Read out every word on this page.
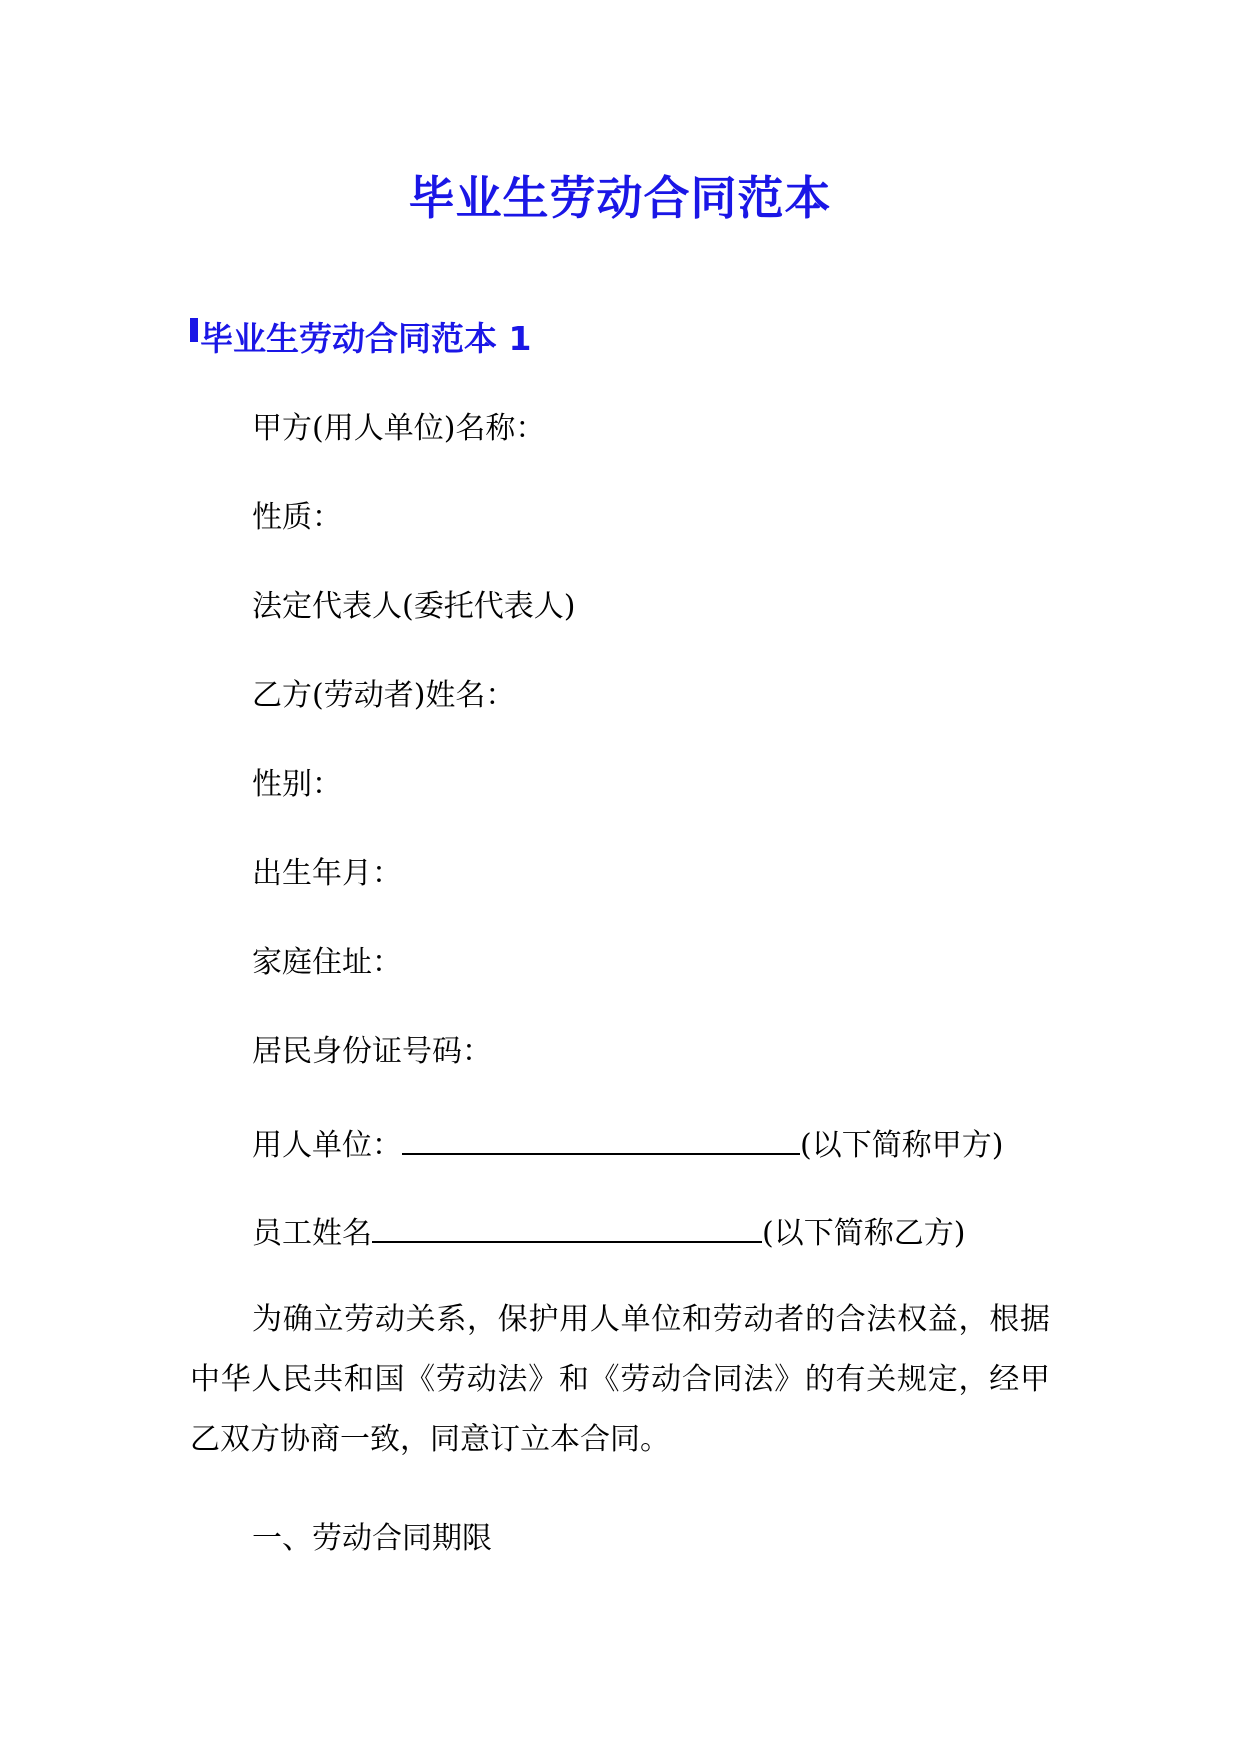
毕业生劳动合同范本
毕业生劳动合同范本 1
甲方(用人单位)名称：
性质：
法定代表人(委托代表人)
乙方(劳动者)姓名：
性别：
出生年月：
家庭住址：
居民身份证号码：
用人单位：	(以下简称甲方)
员工姓名	(以下简称乙方)
为确立劳动关系，保护用人单位和劳动者的合法权益，根据中华人民共和国《劳动法》和《劳动合同法》的有关规定，经甲乙双方协商一致，同意订立本合同。
一、劳动合同期限
